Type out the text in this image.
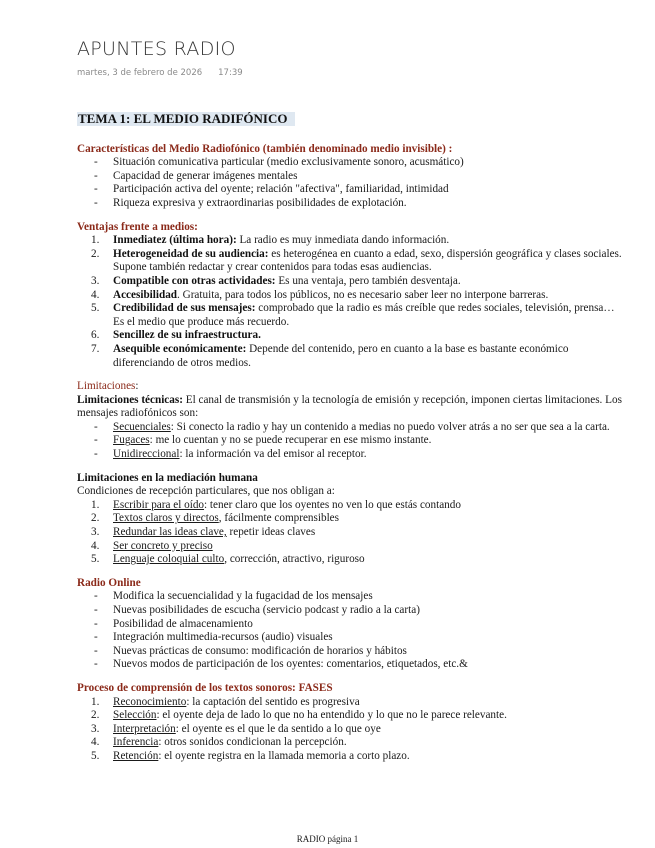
APUNTES RADIO
martes, 3 de febrero de 2026 17:39
TEMA 1: EL MEDIO RADIFÓNICO
Características del Medio Radiofónico (también denominado medio invisible) :
- Situación comunicativa particular (medio exclusivamente sonoro, acusmático)
- Capacidad de generar imágenes mentales
- Participación activa del oyente; relación "afectiva", familiaridad, intimidad
- Riqueza expresiva y extraordinarias posibilidades de explotación.
Ventajas frente a medios:
1. Inmediatez (última hora): La radio es muy inmediata dando información.
2. Heterogeneidad de su audiencia: es heterogénea en cuanto a edad, sexo, dispersión geográfica y clases sociales. Supone también redactar y crear contenidos para todas esas audiencias.
3. Compatible con otras actividades: Es una ventaja, pero también desventaja.
4. Accesibilidad. Gratuita, para todos los públicos, no es necesario saber leer no interpone barreras.
5. Credibilidad de sus mensajes: comprobado que la radio es más creíble que redes sociales, televisión, prensa… Es el medio que produce más recuerdo.
6. Sencillez de su infraestructura.
7. Asequible económicamente: Depende del contenido, pero en cuanto a la base es bastante económico diferenciando de otros medios.
Limitaciones:
Limitaciones técnicas: El canal de transmisión y la tecnología de emisión y recepción, imponen ciertas limitaciones. Los mensajes radiofónicos son:
- Secuenciales: Si conecto la radio y hay un contenido a medias no puedo volver atrás a no ser que sea a la carta.
- Fugaces: me lo cuentan y no se puede recuperar en ese mismo instante.
- Unidireccional: la información va del emisor al receptor.
Limitaciones en la mediación humana
Condiciones de recepción particulares, que nos obligan a:
1. Escribir para el oído: tener claro que los oyentes no ven lo que estás contando
2. Textos claros y directos, fácilmente comprensibles
3. Redundar las ideas clave, repetir ideas claves
4. Ser concreto y preciso
5. Lenguaje coloquial culto, corrección, atractivo, riguroso
Radio Online
- Modifica la secuencialidad y la fugacidad de los mensajes
- Nuevas posibilidades de escucha (servicio podcast y radio a la carta)
- Posibilidad de almacenamiento
- Integración multimedia-recursos (audio) visuales
- Nuevas prácticas de consumo: modificación de horarios y hábitos
- Nuevos modos de participación de los oyentes: comentarios, etiquetados, etc.&
Proceso de comprensión de los textos sonoros: FASES
1. Reconocimiento: la captación del sentido es progresiva
2. Selección: el oyente deja de lado lo que no ha entendido y lo que no le parece relevante.
3. Interpretación: el oyente es el que le da sentido a lo que oye
4. Inferencia: otros sonidos condicionan la percepción.
5. Retención: el oyente registra en la llamada memoria a corto plazo.
RADIO página 1
